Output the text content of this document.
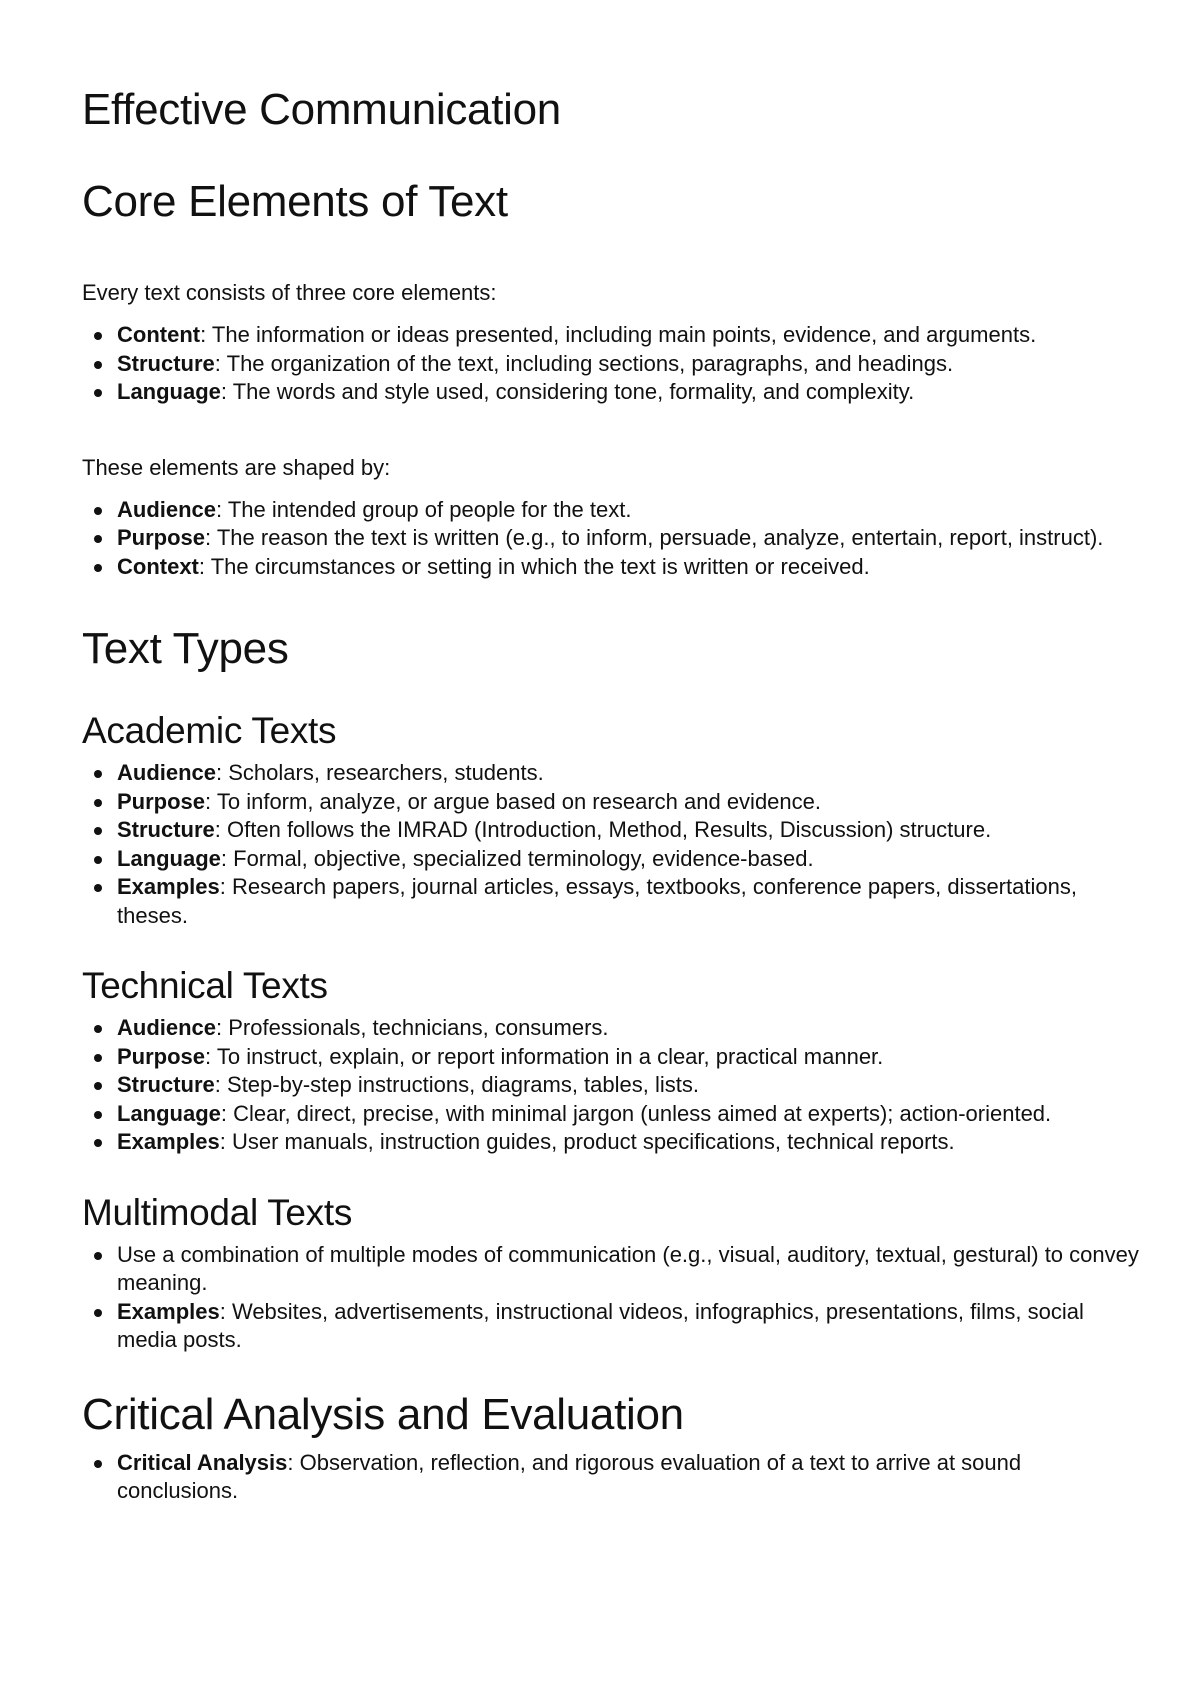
Effective Communication
Core Elements of Text

Every text consists of three core elements:

Content: The information or ideas presented, including main points, evidence, and arguments.
Structure: The organization of the text, including sections, paragraphs, and headings.
Language: The words and style used, considering tone, formality, and complexity.

These elements are shaped by:

Audience: The intended group of people for the text.
Purpose: The reason the text is written (e.g., to inform, persuade, analyze, entertain, report, instruct).
Context: The circumstances or setting in which the text is written or received.
Text Types
Academic Texts
Audience: Scholars, researchers, students.
Purpose: To inform, analyze, or argue based on research and evidence.
Structure: Often follows the IMRAD (Introduction, Method, Results, Discussion) structure.
Language: Formal, objective, specialized terminology, evidence-based.
Examples: Research papers, journal articles, essays, textbooks, conference papers, dissertations, theses.
Technical Texts
Audience: Professionals, technicians, consumers.
Purpose: To instruct, explain, or report information in a clear, practical manner.
Structure: Step-by-step instructions, diagrams, tables, lists.
Language: Clear, direct, precise, with minimal jargon (unless aimed at experts); action-oriented.
Examples: User manuals, instruction guides, product specifications, technical reports.
Multimodal Texts
Use a combination of multiple modes of communication (e.g., visual, auditory, textual, gestural) to convey meaning.
Examples: Websites, advertisements, instructional videos, infographics, presentations, films, social media posts.
Critical Analysis and Evaluation
Critical Analysis: Observation, reflection, and rigorous evaluation of a text to arrive at sound conclusions.
